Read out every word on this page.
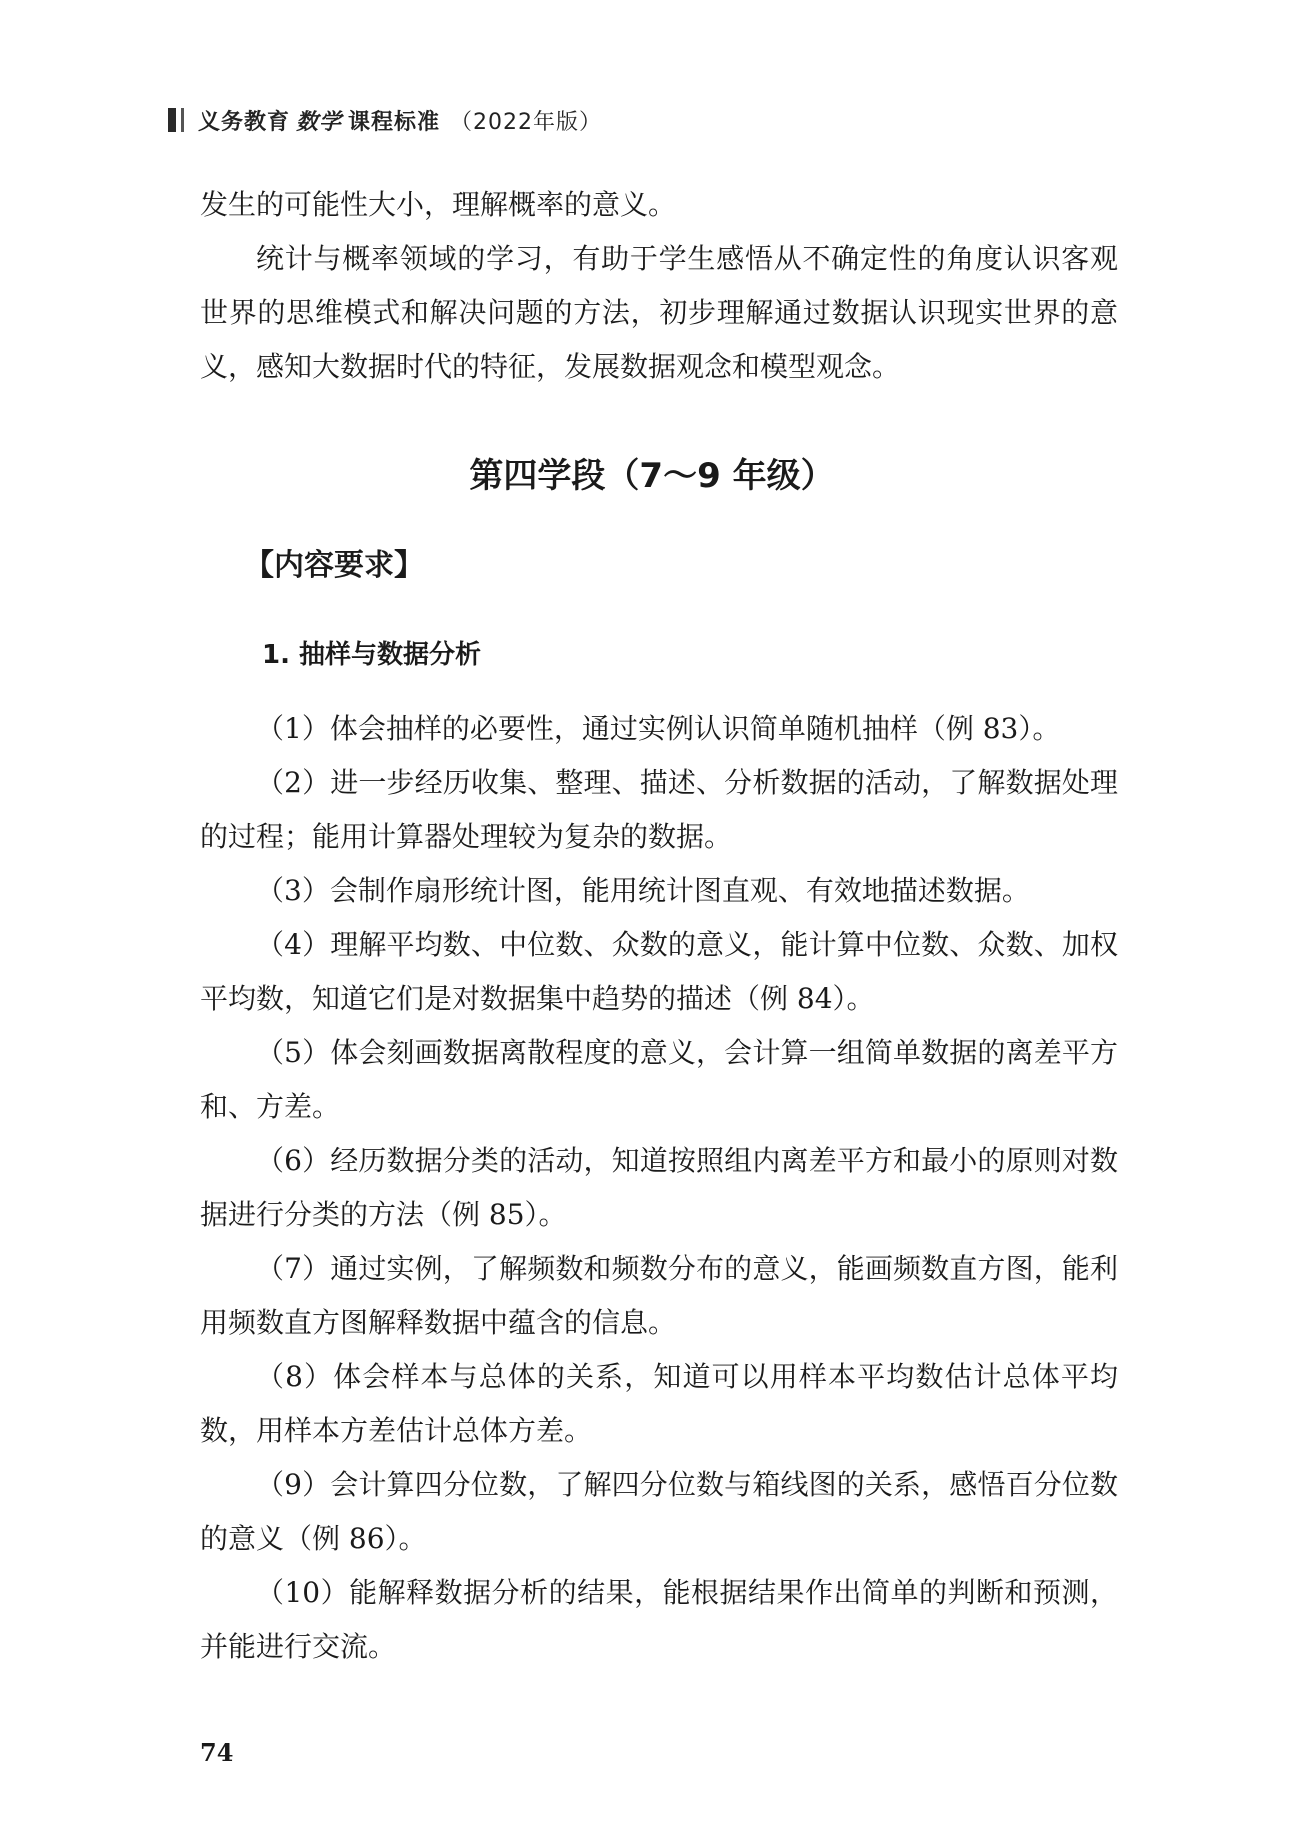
义务教育 数学 课程标准 （2022年版）

发生的可能性大小，理解概率的意义。

统计与概率领域的学习，有助于学生感悟从不确定性的角度认识客观世界的思维模式和解决问题的方法，初步理解通过数据认识现实世界的意义，感知大数据时代的特征，发展数据观念和模型观念。

第四学段（7～9 年级）
【内容要求】
1. 抽样与数据分析

（1）体会抽样的必要性，通过实例认识简单随机抽样（例 83）。

（2）进一步经历收集、整理、描述、分析数据的活动，了解数据处理的过程；能用计算器处理较为复杂的数据。

（3）会制作扇形统计图，能用统计图直观、有效地描述数据。

（4）理解平均数、中位数、众数的意义，能计算中位数、众数、加权平均数，知道它们是对数据集中趋势的描述（例 84）。

（5）体会刻画数据离散程度的意义，会计算一组简单数据的离差平方和、方差。

（6）经历数据分类的活动，知道按照组内离差平方和最小的原则对数据进行分类的方法（例 85）。

（7）通过实例，了解频数和频数分布的意义，能画频数直方图，能利用频数直方图解释数据中蕴含的信息。

（8）体会样本与总体的关系，知道可以用样本平均数估计总体平均数，用样本方差估计总体方差。

（9）会计算四分位数，了解四分位数与箱线图的关系，感悟百分位数的意义（例 86）。

（10）能解释数据分析的结果，能根据结果作出简单的判断和预测，并能进行交流。

74
